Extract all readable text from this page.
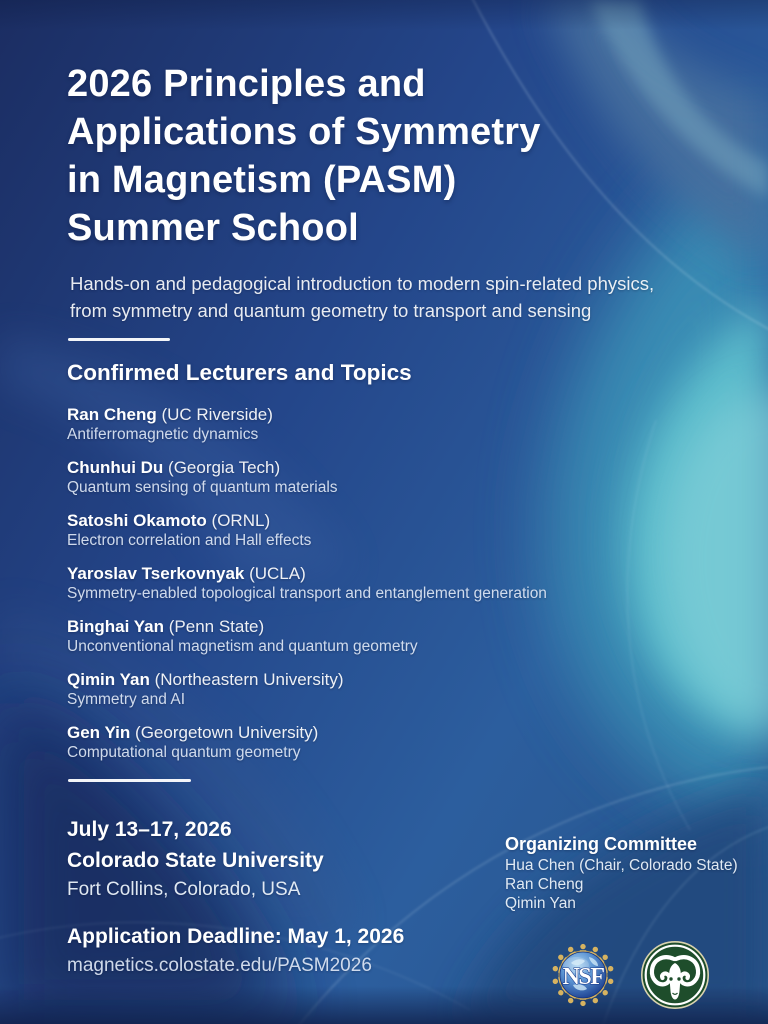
2026 Principles and
Applications of Symmetry
in Magnetism (PASM)
Summer School
Hands-on and pedagogical introduction to modern spin-related physics,
from symmetry and quantum geometry to transport and sensing
Confirmed Lecturers and Topics
Ran Cheng (UC Riverside)
Antiferromagnetic dynamics
Chunhui Du (Georgia Tech)
Quantum sensing of quantum materials
Satoshi Okamoto (ORNL)
Electron correlation and Hall effects
Yaroslav Tserkovnyak (UCLA)
Symmetry-enabled topological transport and entanglement generation
Binghai Yan (Penn State)
Unconventional magnetism and quantum geometry
Qimin Yan (Northeastern University)
Symmetry and AI
Gen Yin (Georgetown University)
Computational quantum geometry
July 13–17, 2026
Colorado State University
Fort Collins, Colorado, USA
Application Deadline: May 1, 2026
magnetics.colostate.edu/PASM2026
Organizing Committee
Hua Chen (Chair, Colorado State)
Ran Cheng
Qimin Yan
NSF
